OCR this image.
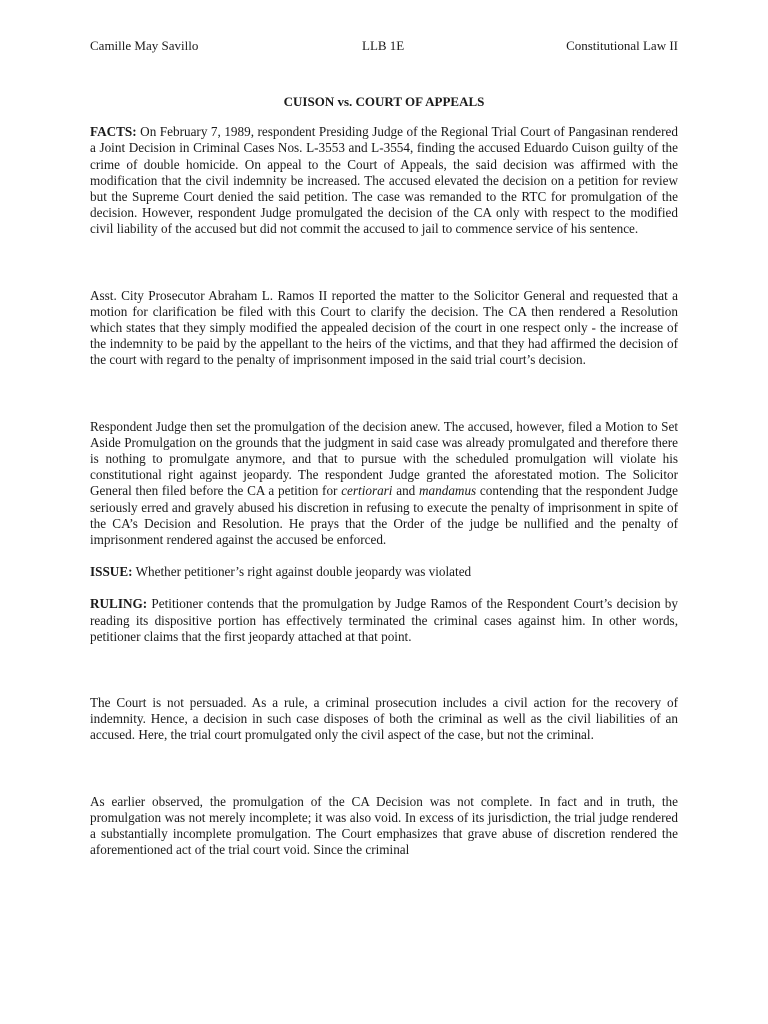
Camille May Savillo	LLB 1E	Constitutional Law II
CUISON vs. COURT OF APPEALS

FACTS: On February 7, 1989, respondent Presiding Judge of the Regional Trial Court of Pangasinan rendered a Joint Decision in Criminal Cases Nos. L-3553 and L-3554, finding the accused Eduardo Cuison guilty of the crime of double homicide. On appeal to the Court of Appeals, the said decision was affirmed with the modification that the civil indemnity be increased. The accused elevated the decision on a petition for review but the Supreme Court denied the said petition. The case was remanded to the RTC for promulgation of the decision. However, respondent Judge promulgated the decision of the CA only with respect to the modified civil liability of the accused but did not commit the accused to jail to commence service of his sentence.

Asst. City Prosecutor Abraham L. Ramos II reported the matter to the Solicitor General and requested that a motion for clarification be filed with this Court to clarify the decision. The CA then rendered a Resolution which states that they simply modified the appealed decision of the court in one respect only - the increase of the indemnity to be paid by the appellant to the heirs of the victims, and that they had affirmed the decision of the court with regard to the penalty of imprisonment imposed in the said trial court’s decision.

Respondent Judge then set the promulgation of the decision anew. The accused, however, filed a Motion to Set Aside Promulgation on the grounds that the judgment in said case was already promulgated and therefore there is nothing to promulgate anymore, and that to pursue with the scheduled promulgation will violate his constitutional right against jeopardy. The respondent Judge granted the aforestated motion. The Solicitor General then filed before the CA a petition for certiorari and mandamus contending that the respondent Judge seriously erred and gravely abused his discretion in refusing to execute the penalty of imprisonment in spite of the CA’s Decision and Resolution. He prays that the Order of the judge be nullified and the penalty of imprisonment rendered against the accused be enforced.

ISSUE: Whether petitioner’s right against double jeopardy was violated

RULING: Petitioner contends that the promulgation by Judge Ramos of the Respondent Court’s decision by reading its dispositive portion has effectively terminated the criminal cases against him. In other words, petitioner claims that the first jeopardy attached at that point.

The Court is not persuaded. As a rule, a criminal prosecution includes a civil action for the recovery of indemnity. Hence, a decision in such case disposes of both the criminal as well as the civil liabilities of an accused. Here, the trial court promulgated only the civil aspect of the case, but not the criminal.

As earlier observed, the promulgation of the CA Decision was not complete. In fact and in truth, the promulgation was not merely incomplete; it was also void. In excess of its jurisdiction, the trial judge rendered a substantially incomplete promulgation. The Court emphasizes that grave abuse of discretion rendered the aforementioned act of the trial court void. Since the criminal
